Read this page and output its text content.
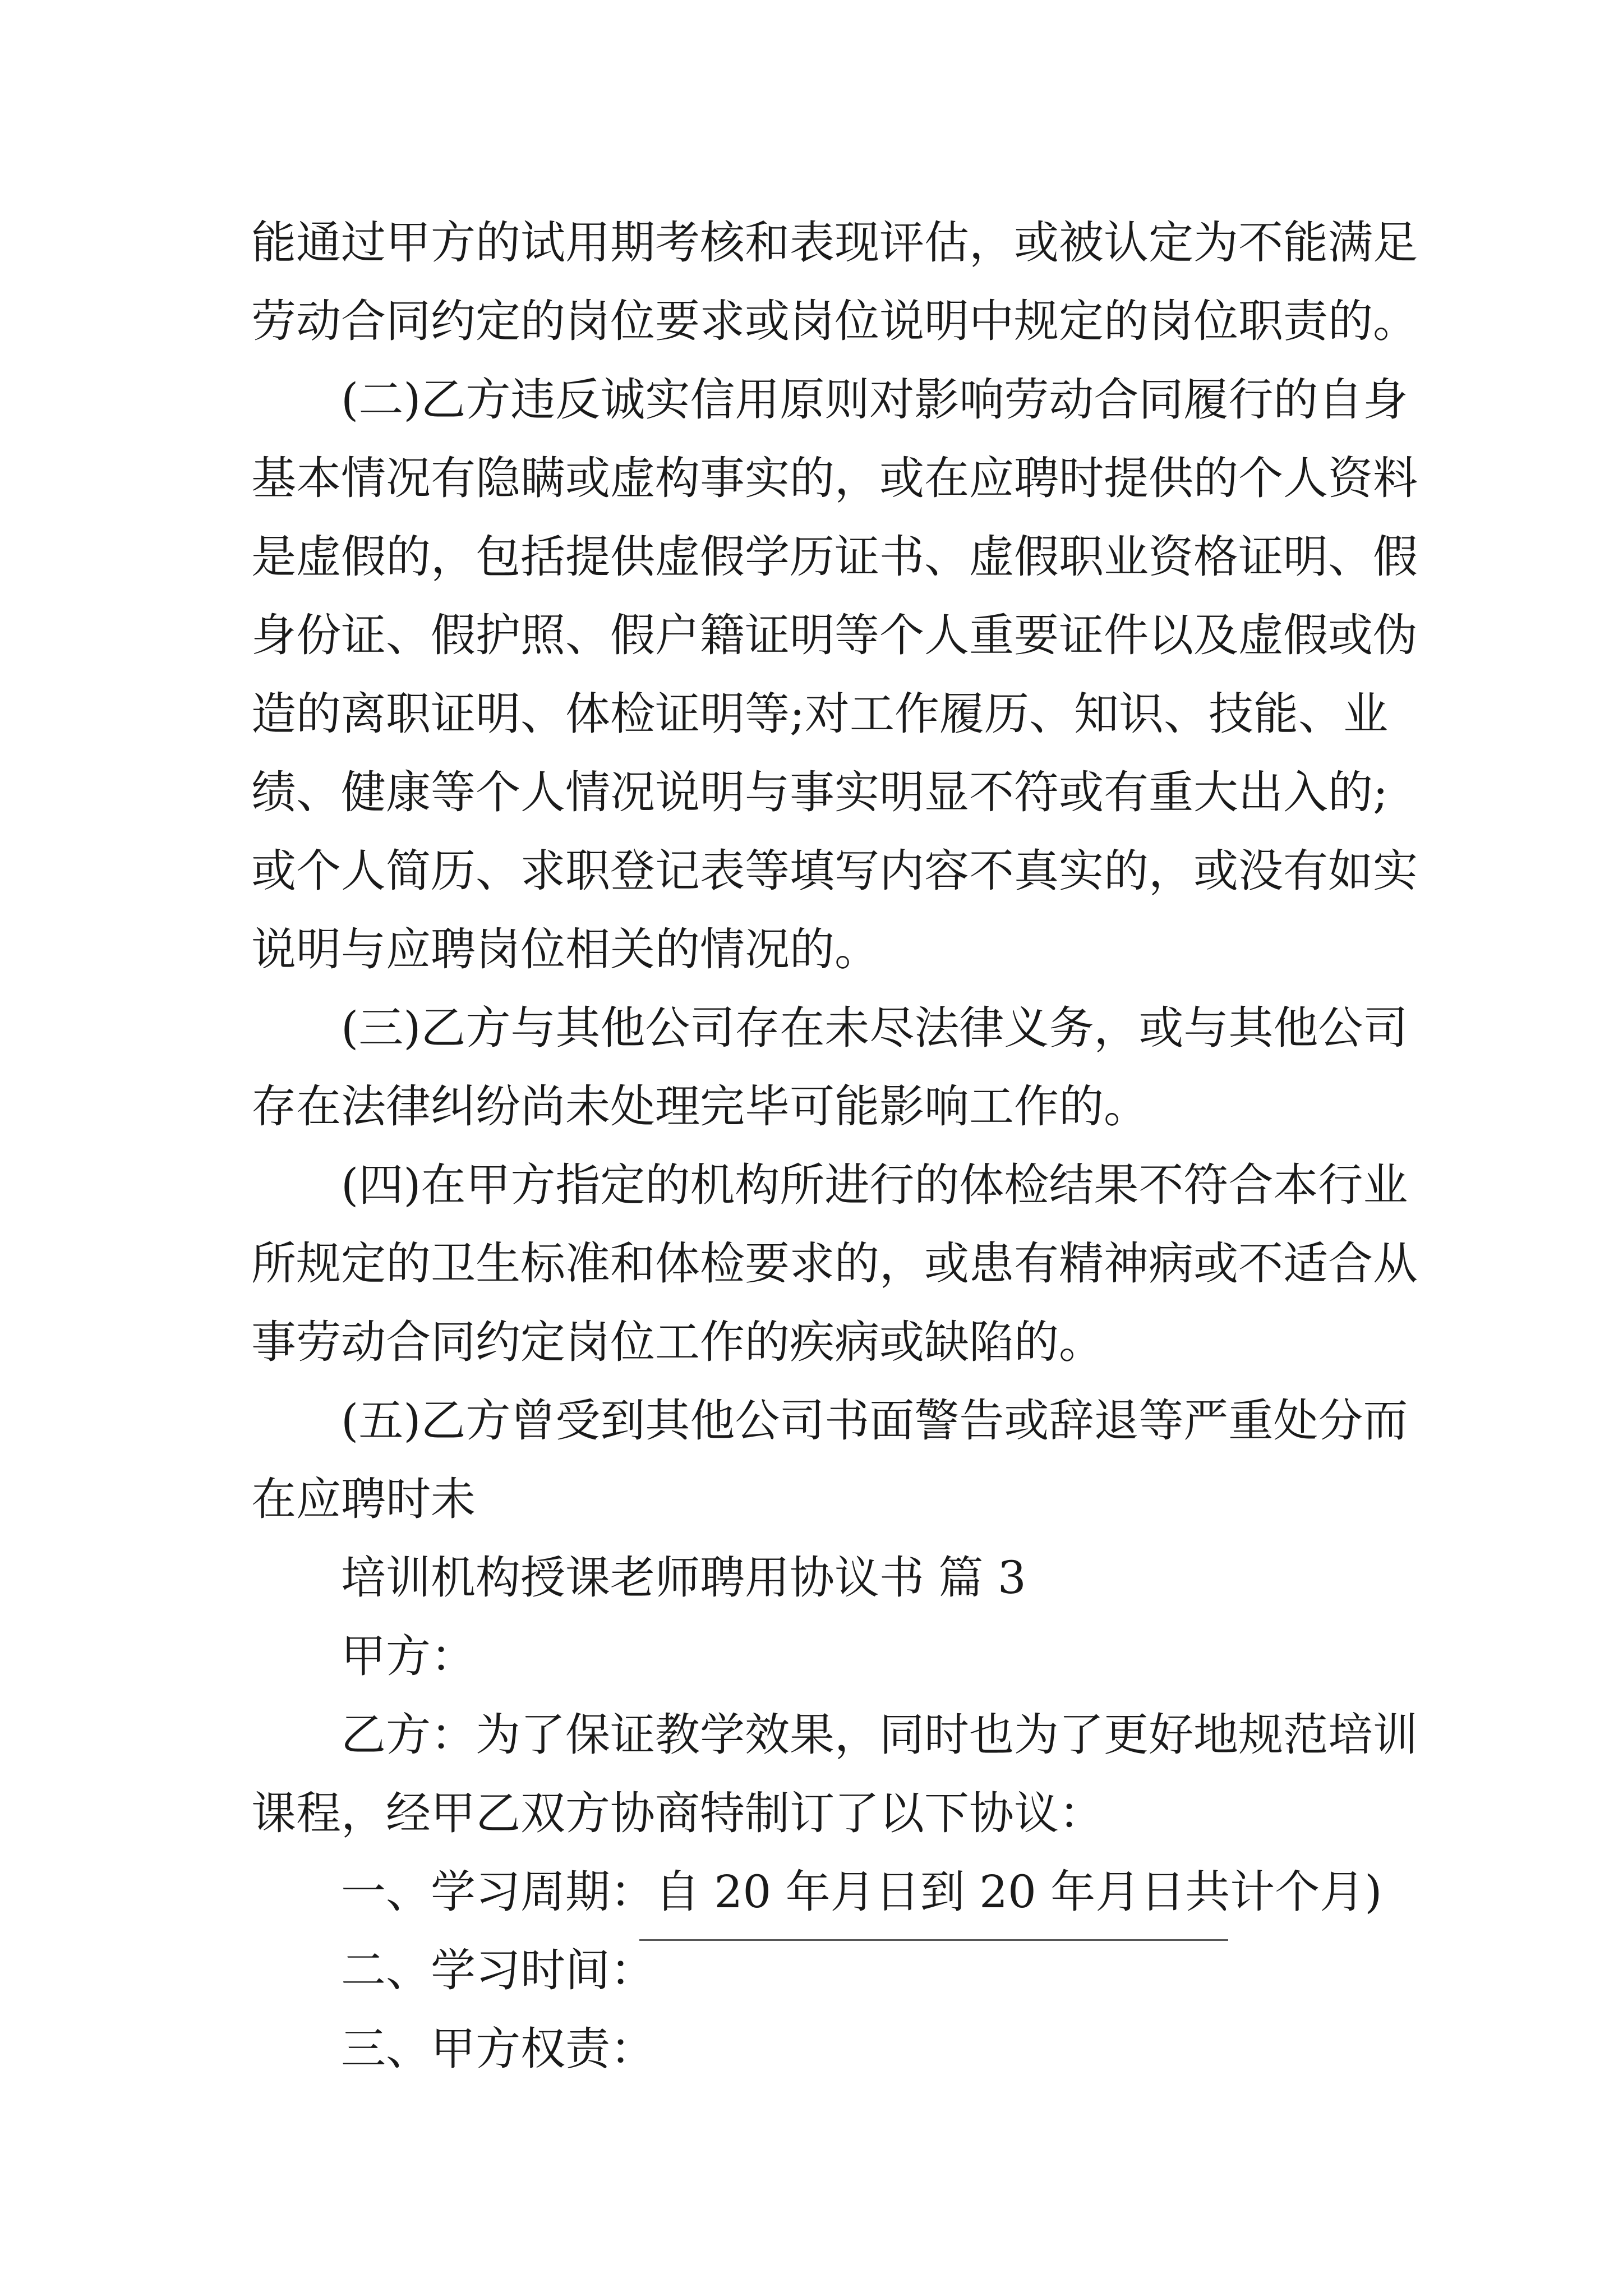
能通过甲方的试用期考核和表现评估，或被认定为不能满足

劳动合同约定的岗位要求或岗位说明中规定的岗位职责的。

(二)乙方违反诚实信用原则对影响劳动合同履行的自身

基本情况有隐瞒或虚构事实的，或在应聘时提供的个人资料

是虚假的，包括提供虚假学历证书、虚假职业资格证明、假

身份证、假护照、假户籍证明等个人重要证件以及虚假或伪

造的离职证明、体检证明等;对工作履历、知识、技能、业

绩、健康等个人情况说明与事实明显不符或有重大出入的;

或个人简历、求职登记表等填写内容不真实的，或没有如实

说明与应聘岗位相关的情况的。

(三)乙方与其他公司存在未尽法律义务，或与其他公司

存在法律纠纷尚未处理完毕可能影响工作的。

(四)在甲方指定的机构所进行的体检结果不符合本行业

所规定的卫生标准和体检要求的，或患有精神病或不适合从

事劳动合同约定岗位工作的疾病或缺陷的。

(五)乙方曾受到其他公司书面警告或辞退等严重处分而

在应聘时未

培训机构授课老师聘用协议书 篇 3

甲方：

乙方：为了保证教学效果，同时也为了更好地规范培训

课程，经甲乙双方协商特制订了以下协议：

一、学习周期：自 20 年月日到 20 年月日共计个月)

二、学习时间：

三、甲方权责：
